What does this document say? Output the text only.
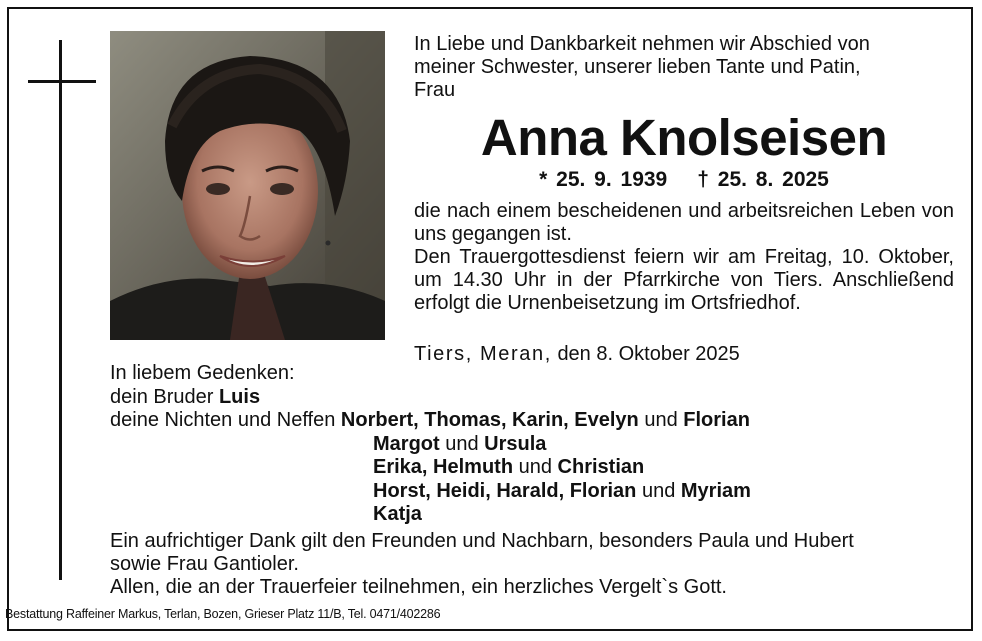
In Liebe und Dankbarkeit nehmen wir Abschied von
meiner Schwester, unserer lieben Tante und Patin,
Frau
Anna Knolseisen
* 25. 9. 1939 † 25. 8. 2025
die nach einem bescheidenen und arbeitsreichen Leben von uns gegangen ist.
Den Trauergottesdienst feiern wir am Freitag, 10. Oktober, um 14.30 Uhr in der Pfarrkirche von Tiers. Anschließend erfolgt die Urnenbeisetzung im Ortsfriedhof.
Tiers, Meran, den 8. Oktober 2025
In liebem Gedenken:
dein Bruder Luis
deine Nichten und Neffen Norbert, Thomas, Karin, Evelyn und Florian
Margot und Ursula
Erika, Helmuth und Christian
Horst, Heidi, Harald, Florian und Myriam
Katja
Ein aufrichtiger Dank gilt den Freunden und Nachbarn, besonders Paula und Hubert
sowie Frau Gantioler.
Allen, die an der Trauerfeier teilnehmen, ein herzliches Vergelt`s Gott.
Bestattung Raffeiner Markus, Terlan, Bozen, Grieser Platz 11/B, Tel. 0471/402286
